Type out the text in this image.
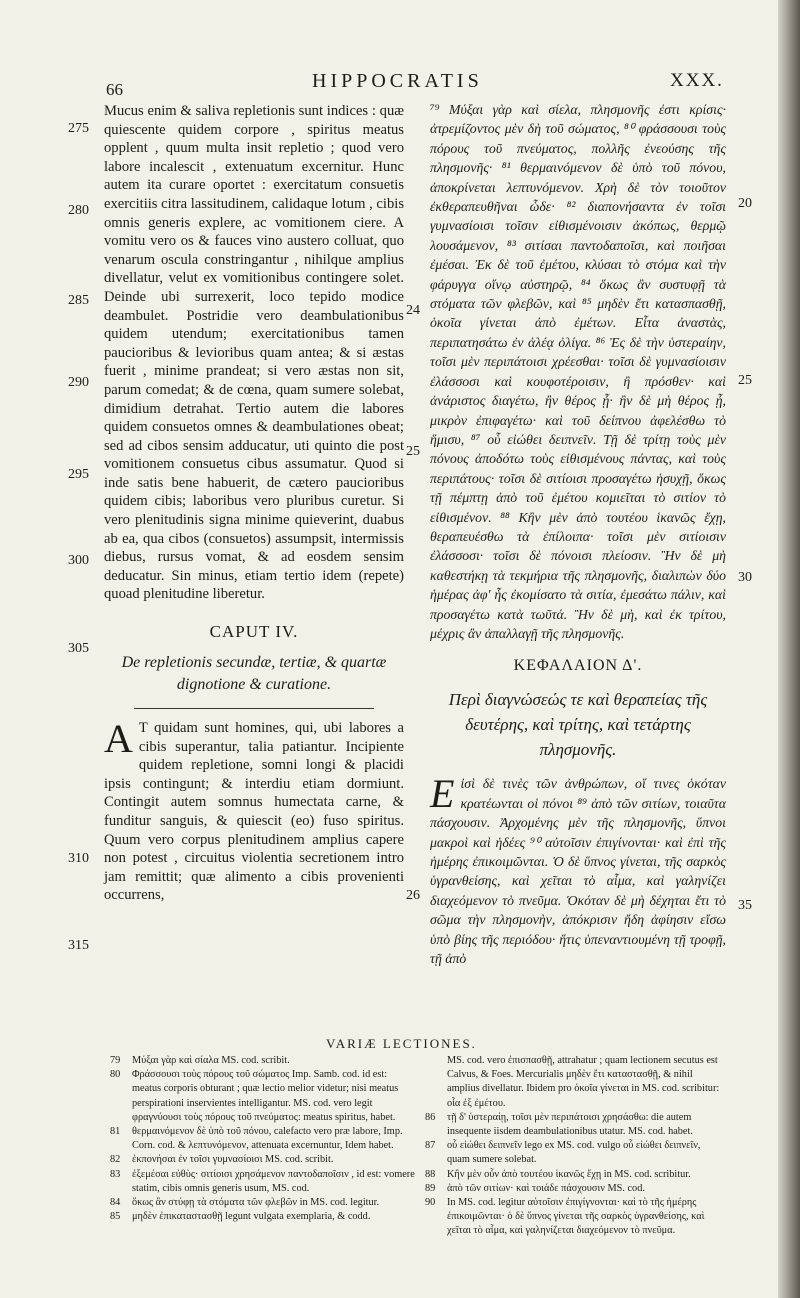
66	HIPPOCRATIS	XXX.
275
280
285
290
295
300
305
310
315
20
24
25
25
30
26
35

Mucus enim & saliva repletionis sunt indices : quæ quiescente quidem corpore , spiritus meatus opplent , quum multa insit repletio ; quod vero labore incalescit , extenuatum excernitur. Hunc autem ita curare oportet : exercitatum consuetis exercitiis citra lassitudinem, calidaque lotum , cibis omnis generis explere, ac vomitionem ciere. A vomitu vero os & fauces vino austero colluat, quo venarum oscula constringantur , nihilque amplius divellatur, velut ex vomitionibus contingere solet. Deinde ubi surrexerit, loco tepido modice deambulet. Postridie vero deambulationibus quidem utendum; exercitationibus tamen paucioribus & levioribus quam antea; & si æstas fuerit , minime prandeat; si vero æstas non sit, parum comedat; & de cœna, quam sumere solebat, dimidium detrahat. Tertio autem die labores quidem consuetos omnes & deambulationes obeat; sed ad cibos sensim adducatur, uti quinto die post vomitionem consuetus cibus assumatur. Quod si inde satis bene habuerit, de cætero paucioribus quidem cibis; laboribus vero pluribus curetur. Si vero plenitudinis signa minime quieverint, duabus ab ea, qua cibos (consuetos) assumpsit, intermissis diebus, rursus vomat, & ad eosdem sensim deducatur. Sin minus, etiam tertio idem (repete) quoad plenitudine liberetur.

CAPUT IV.

De repletionis secundæ, tertiæ, & quartæ dignotione & curatione.

A T quidam sunt homines, qui, ubi labores a cibis superantur, talia patiantur. Incipiente quidem repletione, somni longi & placidi ipsis contingunt; & interdiu etiam dormiunt. Contingit autem somnus humectata carne, & funditur sanguis, & quiescit (eo) fuso spiritus. Quum vero corpus plenitudinem amplius capere non potest , circuitus violentia secretionem intro jam remittit; quæ alimento a cibis provenienti occurrens,

⁷⁹ Μύξαι γὰρ καὶ σίελα, πλησμονῆς ἐστι κρίσις· ἀτρεμίζοντος μὲν δὴ τοῦ σώματος, ⁸⁰ φράσσουσι τοὺς πόρους τοῦ πνεύματος, πολλῆς ἐνεούσης τῆς πλησμονῆς· ⁸¹ θερμαινόμενον δὲ ὑπὸ τοῦ πόνου, ἀποκρίνεται λεπτυνόμενον. Χρὴ δὲ τὸν τοιοῦτον ἐκθεραπευθῆναι ὧδε· ⁸² διαπονήσαντα ἐν τοῖσι γυμνασίοισι τοῖσιν εἰθισμένοισιν ἀκόπως, θερμῷ λουσάμενον, ⁸³ σιτίσαι παντοδαποῖσι, καὶ ποιῆσαι ἐμέσαι. Ἐκ δὲ τοῦ ἐμέτου, κλύσαι τὸ στόμα καὶ τὴν φάρυγγα οἴνῳ αὐστηρῷ, ⁸⁴ ὅκως ἂν συστυφῇ τὰ στόματα τῶν φλεβῶν, καὶ ⁸⁵ μηδὲν ἔτι κατασπασθῇ, ὁκοῖα γίνεται ἀπὸ ἐμέτων. Εἶτα ἀναστὰς, περιπατησάτω ἐν ἀλέᾳ ὀλίγα. ⁸⁶ Ἐς δὲ τὴν ὑστεραίην, τοῖσι μὲν περιπάτοισι χρέεσθαι· τοῖσι δὲ γυμνασίοισιν ἐλάσσοσι καὶ κουφοτέροισιν, ἢ πρόσθεν· καὶ ἀνάριστος διαγέτω, ἢν θέρος ᾖ· ἢν δὲ μὴ θέρος ᾖ, μικρὸν ἐπιφαγέτω· καὶ τοῦ δείπνου ἀφελέσθω τὸ ἥμισυ, ⁸⁷ οὗ εἰώθει δειπνεῖν. Τῇ δὲ τρίτῃ τοὺς μὲν πόνους ἀποδότω τοὺς εἰθισμένους πάντας, καὶ τοὺς περιπάτους· τοῖσι δὲ σιτίοισι προσαγέτω ἡσυχῇ, ὅκως τῇ πέμπτῃ ἀπὸ τοῦ ἐμέτου κομιεῖται τὸ σιτίον τὸ εἰθισμένον. ⁸⁸ Κἢν μὲν ἀπὸ τουτέου ἱκανῶς ἔχῃ, θεραπευέσθω τὰ ἐπίλοιπα· τοῖσι μὲν σιτίοισιν ἐλάσσοσι· τοῖσι δὲ πόνοισι πλείοσιν. Ἢν δὲ μὴ καθεστήκῃ τὰ τεκμήρια τῆς πλησμονῆς, διαλιπὼν δύο ἡμέρας ἀφ' ἧς ἐκομίσατο τὰ σιτία, ἐμεσάτω πάλιν, καὶ προσαγέτω κατὰ τωῦτά. Ἢν δὲ μὴ, καὶ ἐκ τρίτου, μέχρις ἂν ἀπαλλαγῇ τῆς πλησμονῆς.

ΚΕΦΑΛΑΙΟΝ Δ'.

Περὶ διαγνώσεώς τε καὶ θεραπείας τῆς δευτέρης, καὶ τρίτης, καὶ τετάρτης πλησμονῆς.

Εἰσὶ δὲ τινὲς τῶν ἀνθρώπων, οἵ τινες ὁκόταν κρατέωνται οἱ πόνοι ⁸⁹ ἀπὸ τῶν σιτίων, τοιαῦτα πάσχουσιν. Ἀρχομένης μὲν τῆς πλησμονῆς, ὕπνοι μακροὶ καὶ ἡδέες ⁹⁰ αὐτοῖσιν ἐπιγίνονται· καὶ ἐπὶ τῆς ἡμέρης ἐπικοιμῶνται. Ὁ δὲ ὕπνος γίνεται, τῆς σαρκὸς ὑγρανθείσης, καὶ χεῖται τὸ αἷμα, καὶ γαληνίζει διαχεόμενον τὸ πνεῦμα. Ὁκόταν δὲ μὴ δέχηται ἔτι τὸ σῶμα τὴν πλησμονὴν, ἀπόκρισιν ἤδη ἀφίησιν εἴσω ὑπὸ βίης τῆς περιόδου· ἥτις ὑπεναντιουμένη τῇ τροφῇ, τῇ ἀπὸ

VARIÆ LECTIONES.
79	Μύξαι γὰρ καὶ σίαλα MS. cod. scribit.
80	Φράσσουσι τοὺς πόρους τοῦ σώματος Imp. Samb. cod. id est: meatus corporis obturant ; quæ lectio melior videtur; nisi meatus perspirationi inservientes intelligantur. MS. cod. vero legit φραγνύουσι τοὺς πόρους τοῦ πνεύματος: meatus spiritus, habet.
81	θερμαινόμενον δὲ ὑπὸ τοῦ πόνου, calefacto vero præ labore, Imp. Corn. cod. & λεπτυνόμενον, attenuata excernuntur, Idem habet.
82	ἐκπονήσαι ἐν τοῖσι γυμνασίοισι MS. cod. scribit.
83	ἐξεμέσαι εὐθὺς· σιτίοισι χρησάμενον παντοδαποῖσιν , id est: vomere statim, cibis omnis generis usum, MS. cod.
84	ὅκως ἂν στύφῃ τὰ στόματα τῶν φλεβῶν in MS. cod. legitur.
85	μηδὲν ἐπικαταστασθῇ legunt vulgata exemplaria, & codd.
MS. cod. vero ἐπισπασθῇ, attrahatur ; quam lectionem secutus est Calvus, & Foes. Mercurialis μηδὲν ἔτι καταστασθῇ, & nihil amplius divellatur. Ibidem pro ὁκοῖα γίνεται in MS. cod. scribitur: οἷα ἐξ ἐμέτου.
86	τῇ δ' ὑστεραίῃ, τοῖσι μὲν περιπάτοισι χρησάσθω: die autem insequente iisdem deambulationibus utatur. MS. cod. habet.
87	οὗ εἰώθει δειπνεῖν lego ex MS. cod. vulgo οὗ εἰώθει δειπνεῖν, quam sumere solebat.
88	Κἢν μὲν οὖν ἀπὸ τουτέου ἱκανῶς ἔχῃ in MS. cod. scribitur.
89	ἀπὸ τῶν σιτίων· καὶ τοιάδε πάσχουσιν MS. cod.
90	In MS. cod. legitur αὐτοῖσιν ἐπιγίγνονται· καὶ τὸ τῆς ἡμέρης ἐπικοιμῶνται· ὁ δὲ ὕπνος γίνεται τῆς σαρκὸς ὑγρανθείσης, καὶ χεῖται τὸ αἷμα, καὶ γαληνίζεται διαχεόμενον τὸ πνεῦμα.
